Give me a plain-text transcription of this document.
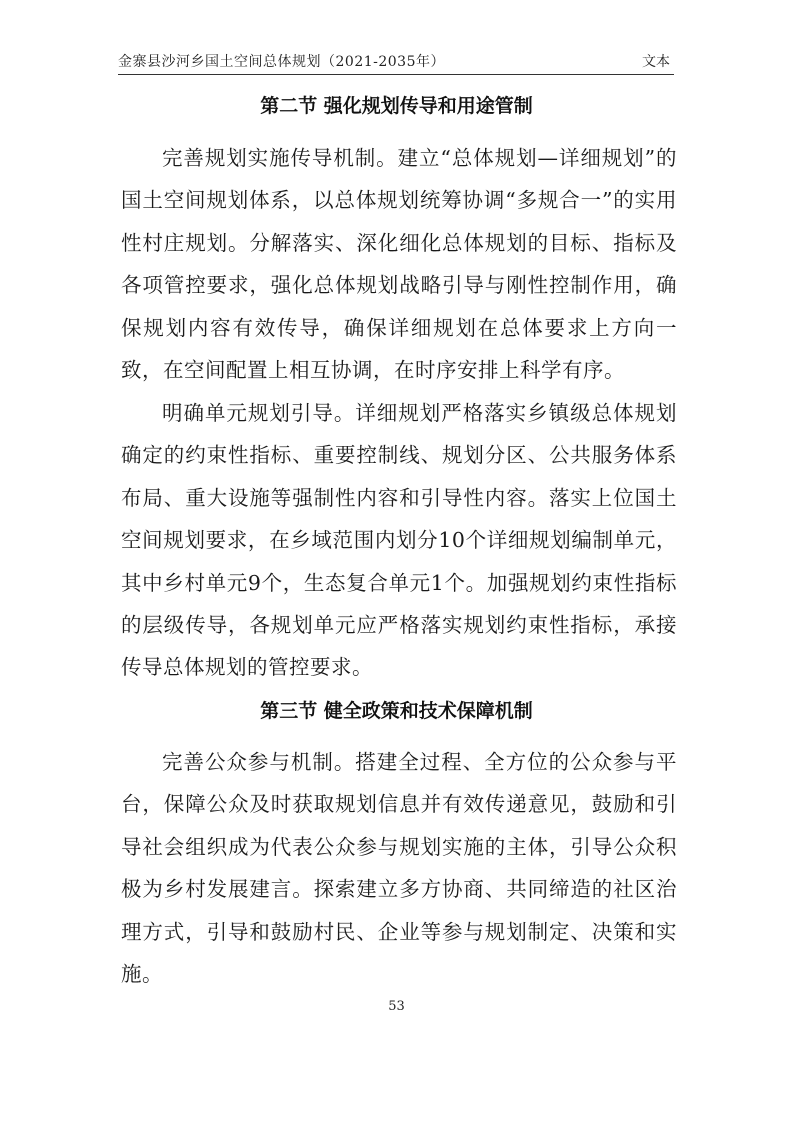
金寨县沙河乡国土空间总体规划（2021-2035年）	文本
第二节 强化规划传导和用途管制

完善规划实施传导机制。建立“总体规划—详细规划”的国土空间规划体系，以总体规划统筹协调“多规合一”的实用性村庄规划。分解落实、深化细化总体规划的目标、指标及各项管控要求，强化总体规划战略引导与刚性控制作用，确保规划内容有效传导，确保详细规划在总体要求上方向一致，在空间配置上相互协调，在时序安排上科学有序。

明确单元规划引导。详细规划严格落实乡镇级总体规划确定的约束性指标、重要控制线、规划分区、公共服务体系布局、重大设施等强制性内容和引导性内容。落实上位国土空间规划要求，在乡域范围内划分10个详细规划编制单元，其中乡村单元9个，生态复合单元1个。加强规划约束性指标的层级传导，各规划单元应严格落实规划约束性指标，承接传导总体规划的管控要求。

第三节 健全政策和技术保障机制

完善公众参与机制。搭建全过程、全方位的公众参与平台，保障公众及时获取规划信息并有效传递意见，鼓励和引导社会组织成为代表公众参与规划实施的主体，引导公众积极为乡村发展建言。探索建立多方协商、共同缔造的社区治理方式，引导和鼓励村民、企业等参与规划制定、决策和实施。

53
